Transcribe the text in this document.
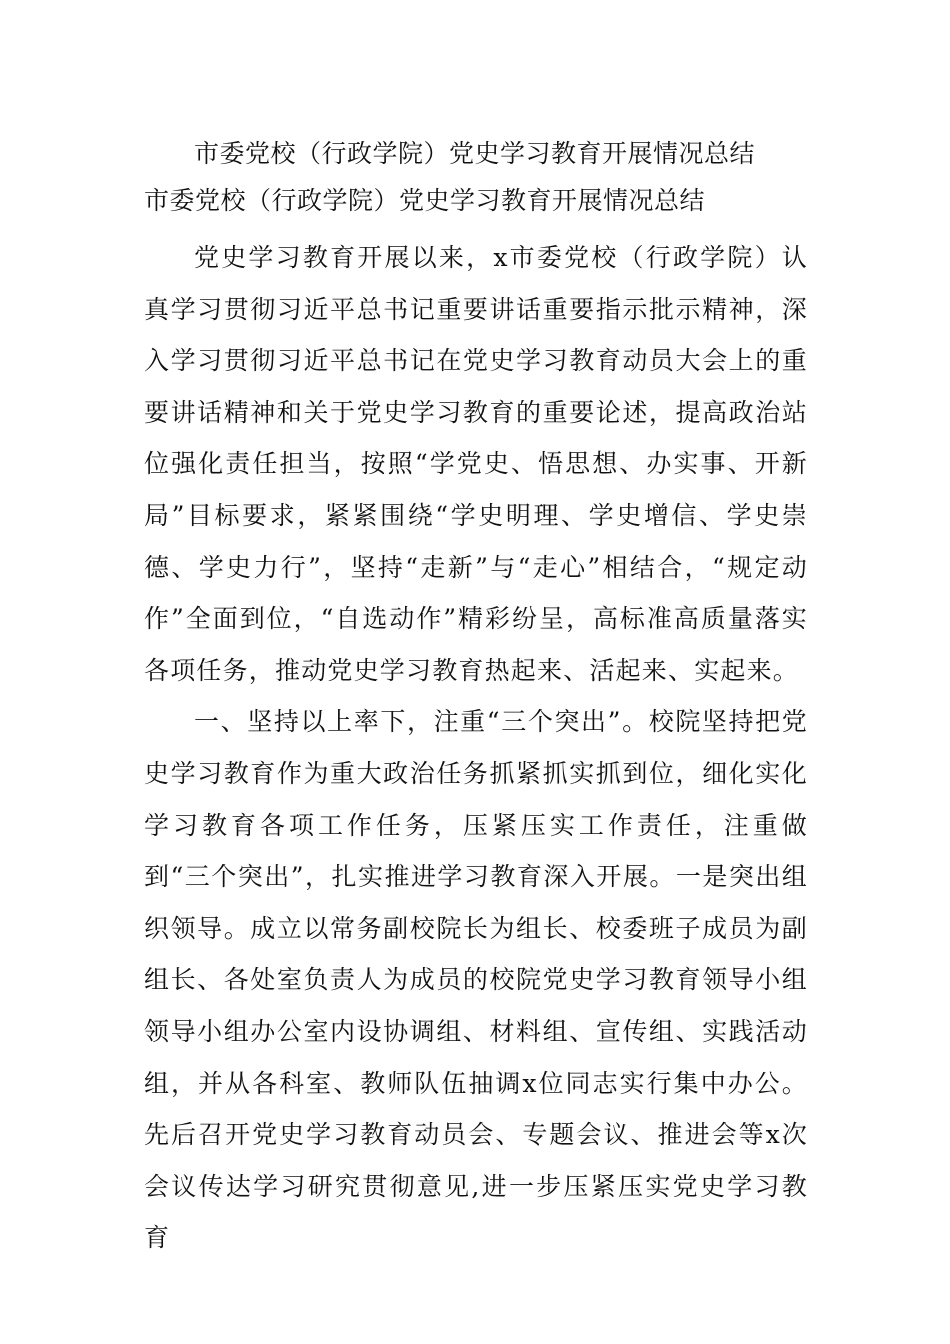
市委党校（行政学院）党史学习教育开展情况总结
市委党校（行政学院）党史学习教育开展情况总结

党史学习教育开展以来，x市委党校（行政学院）认真学习贯彻习近平总书记重要讲话重要指示批示精神，深入学习贯彻习近平总书记在党史学习教育动员大会上的重要讲话精神和关于党史学习教育的重要论述，提高政治站位强化责任担当，按照“学党史、悟思想、办实事、开新局”目标要求，紧紧围绕“学史明理、学史增信、学史崇德、学史力行”，坚持“走新”与“走心”相结合，“规定动作”全面到位，“自选动作”精彩纷呈，高标准高质量落实各项任务，推动党史学习教育热起来、活起来、实起来。

一、坚持以上率下，注重“三个突出”。校院坚持把党史学习教育作为重大政治任务抓紧抓实抓到位，细化实化学习教育各项工作任务，压紧压实工作责任，注重做到“三个突出”，扎实推进学习教育深入开展。一是突出组织领导。成立以常务副校院长为组长、校委班子成员为副组长、各处室负责人为成员的校院党史学习教育领导小组领导小组办公室内设协调组、材料组、宣传组、实践活动组，并从各科室、教师队伍抽调x位同志实行集中办公。先后召开党史学习教育动员会、专题会议、推进会等x次会议传达学习研究贯彻意见,进一步压紧压实党史学习教育
